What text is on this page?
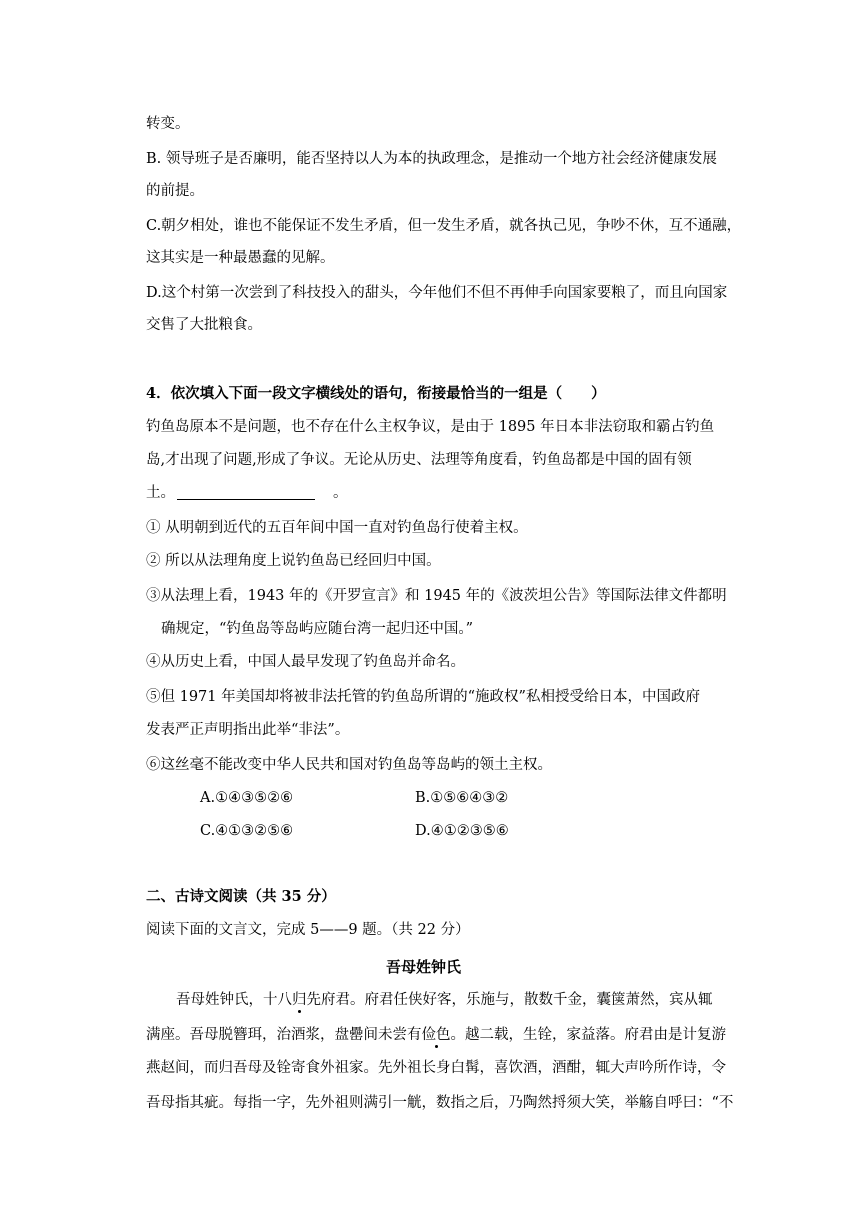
转变。
B. 领导班子是否廉明，能否坚持以人为本的执政理念，是推动一个地方社会经济健康发展
的前提。
C.朝夕相处，谁也不能保证不发生矛盾，但一发生矛盾，就各执己见，争吵不休，互不通融，
这其实是一种最愚蠢的见解。
D.这个村第一次尝到了科技投入的甜头，今年他们不但不再伸手向国家要粮了，而且向国家
交售了大批粮食。
4．依次填入下面一段文字横线处的语句，衔接最恰当的一组是（　　）
钓鱼岛原本不是问题，也不存在什么主权争议，是由于 1895 年日本非法窃取和霸占钓鱼
岛,才出现了问题,形成了争议。无论从历史、法理等角度看，钓鱼岛都是中国的固有领
土。	。
① 从明朝到近代的五百年间中国一直对钓鱼岛行使着主权。
② 所以从法理角度上说钓鱼岛已经回归中国。
③从法理上看，1943 年的《开罗宣言》和 1945 年的《波茨坦公告》等国际法律文件都明
确规定，“钓鱼岛等岛屿应随台湾一起归还中国。”
④从历史上看，中国人最早发现了钓鱼岛并命名。
⑤但 1971 年美国却将被非法托管的钓鱼岛所谓的“施政权”私相授受给日本，中国政府
发表严正声明指出此举“非法”。
⑥这丝毫不能改变中华人民共和国对钓鱼岛等岛屿的领土主权。
A.①④③⑤②⑥	B.①⑤⑥④③②
C.④①③②⑤⑥	D.④①②③⑤⑥
二、古诗文阅读（共 35 分）
阅读下面的文言文，完成 5——9 题。（共 22 分）
吾母姓钟氏
吾母姓钟氏，十八归先府君。府君任侠好客，乐施与，散数千金，囊箧萧然，宾从辄
满座。吾母脱簪珥，治酒浆，盘罍间未尝有俭色。越二载，生铨，家益落。府君由是计复游
燕赵间，而归吾母及铨寄食外祖家。先外祖长身白髯，喜饮酒，酒酣，辄大声吟所作诗，令
吾母指其疵。每指一字，先外祖则满引一觥，数指之后，乃陶然捋须大笑，举觞自呼曰：“不
